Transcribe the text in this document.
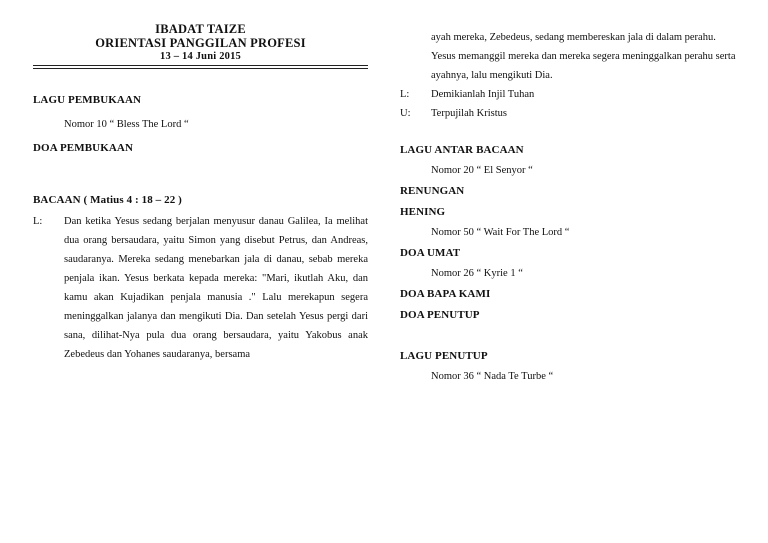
IBADAT TAIZE
ORIENTASI PANGGILAN PROFESI
13 – 14 Juni 2015
LAGU PEMBUKAAN
Nomor 10 “ Bless The Lord “
DOA PEMBUKAAN
BACAAN ( Matius 4 : 18 – 22 )
L:	Dan ketika Yesus sedang berjalan menyusur danau Galilea, Ia melihat dua orang bersaudara, yaitu Simon yang disebut Petrus, dan Andreas, saudaranya. Mereka sedang menebarkan jala di danau, sebab mereka penjala ikan. Yesus berkata kepada mereka: "Mari, ikutlah Aku, dan kamu akan Kujadikan penjala manusia ." Lalu merekapun segera meninggalkan jalanya dan mengikuti Dia. Dan setelah Yesus pergi dari sana, dilihat-Nya pula dua orang bersaudara, yaitu Yakobus anak Zebedeus dan Yohanes saudaranya, bersama
ayah mereka, Zebedeus, sedang membereskan jala di dalam perahu. Yesus memanggil mereka dan mereka segera meninggalkan perahu serta ayahnya, lalu mengikuti Dia.
L:	Demikianlah Injil Tuhan
U:	Terpujilah Kristus
LAGU ANTAR BACAAN
Nomor 20 “ El Senyor “
RENUNGAN
HENING
Nomor 50 “ Wait For The Lord “
DOA UMAT
Nomor 26 “ Kyrie 1 “
DOA BAPA KAMI
DOA PENUTUP
LAGU PENUTUP
Nomor 36 “ Nada Te Turbe “
